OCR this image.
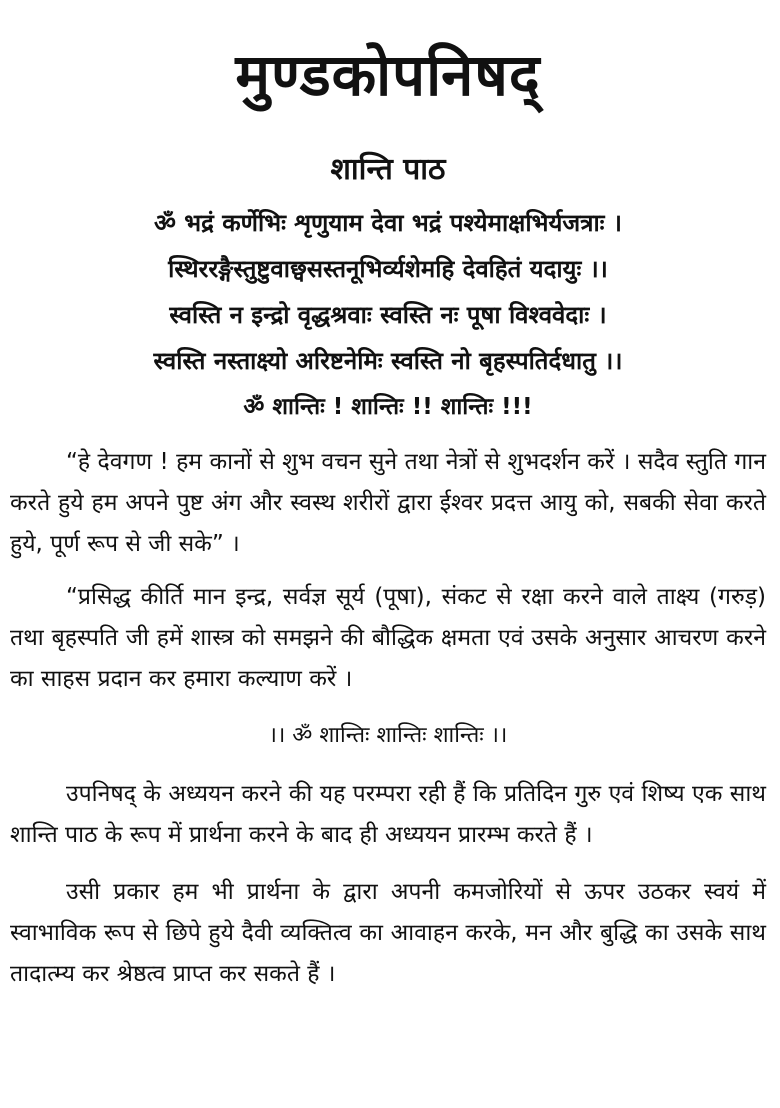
मुण्डकोपनिषद्
शान्ति पाठ
ॐ भद्रं कर्णेभिः शृणुयाम देवा भद्रं पश्येमाक्षभिर्यजत्राः ।
स्थिररङ्गैस्तुष्टुवाछ्वसस्तनूभिर्व्यशेमहि देवहितं यदायुः ।।
स्वस्ति न इन्द्रो वृद्धश्रवाः स्वस्ति नः पूषा विश्ववेदाः ।
स्वस्ति नस्ताक्ष्यो अरिष्टनेमिः स्वस्ति नो बृहस्पतिर्दधातु ।।
ॐ शान्तिः ! शान्तिः !! शान्तिः !!!

“हे देवगण ! हम कानों से शुभ वचन सुने तथा नेत्रों से शुभदर्शन करें । सदैव स्तुति गान करते हुये हम अपने पुष्ट अंग और स्वस्थ शरीरों द्वारा ईश्वर प्रदत्त आयु को, सबकी सेवा करते हुये, पूर्ण रूप से जी सके” ।

“प्रसिद्ध कीर्ति मान इन्द्र, सर्वज्ञ सूर्य (पूषा), संकट से रक्षा करने वाले ताक्ष्य (गरुड़) तथा बृहस्पति जी हमें शास्त्र को समझने की बौद्धिक क्षमता एवं उसके अनुसार आचरण करने का साहस प्रदान कर हमारा कल्याण करें ।

।। ॐ शान्तिः शान्तिः शान्तिः ।।

उपनिषद् के अध्ययन करने की यह परम्परा रही हैं कि प्रतिदिन गुरु एवं शिष्य एक साथ शान्ति पाठ के रूप में प्रार्थना करने के बाद ही अध्ययन प्रारम्भ करते हैं ।

उसी प्रकार हम भी प्रार्थना के द्वारा अपनी कमजोरियों से ऊपर उठकर स्वयं में स्वाभाविक रूप से छिपे हुये दैवी व्यक्तित्व का आवाहन करके, मन और बुद्धि का उसके साथ तादात्म्य कर श्रेष्ठत्व प्राप्त कर सकते हैं ।
